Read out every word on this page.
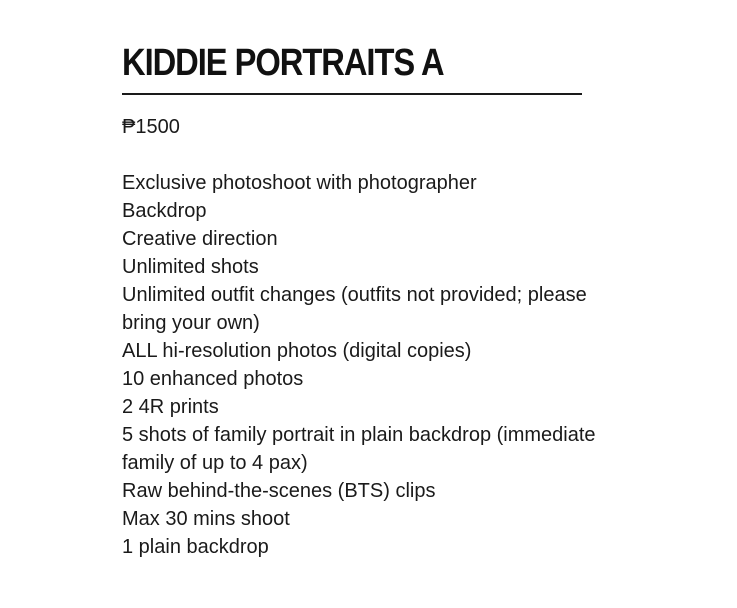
KIDDIE PORTRAITS A
₱1500
Exclusive photoshoot with photographer
Backdrop
Creative direction
Unlimited shots
Unlimited outfit changes (outfits not provided; please bring your own)
ALL hi-resolution photos (digital copies)
10 enhanced photos
2 4R prints
5 shots of family portrait in plain backdrop (immediate family of up to 4 pax)
Raw behind-the-scenes (BTS) clips
Max 30 mins shoot
1 plain backdrop
